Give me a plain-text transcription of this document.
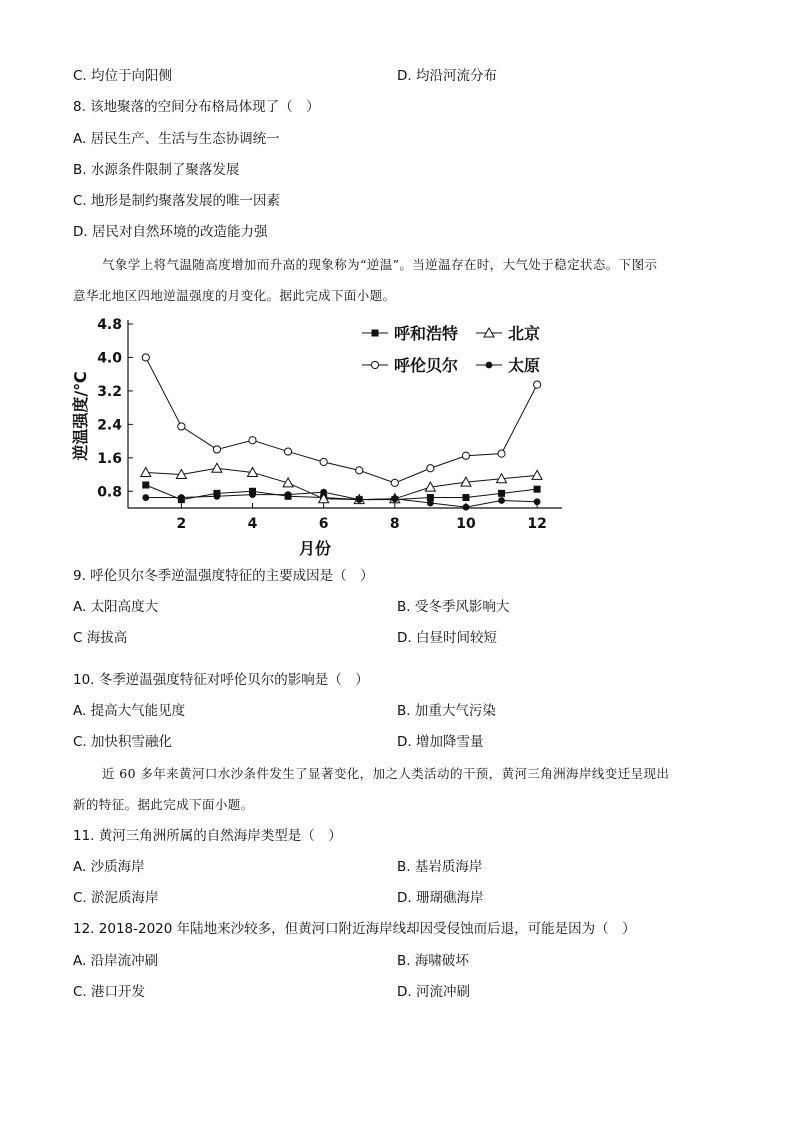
C. 均位于向阳侧	D. 均沿河流分布
8. 该地聚落的空间分布格局体现了（　）
A. 居民生产、生活与生态协调统一
B. 水源条件限制了聚落发展
C. 地形是制约聚落发展的唯一因素
D. 居民对自然环境的改造能力强
气象学上将气温随高度增加而升高的现象称为“逆温”。当逆温存在时，大气处于稳定状态。下图示
意华北地区四地逆温强度的月变化。据此完成下面小题。
4.8
4.0
3.2
2.4
1.6
0.8
2	4	6	8	10	12
月份
逆温强度/℃
呼和浩特	北京
呼伦贝尔	太原
9. 呼伦贝尔冬季逆温强度特征的主要成因是（　）
A. 太阳高度大	B. 受冬季风影响大
C 海拔高	D. 白昼时间较短
10. 冬季逆温强度特征对呼伦贝尔的影响是（　）
A. 提高大气能见度	B. 加重大气污染
C. 加快积雪融化	D. 增加降雪量
近 60 多年来黄河口水沙条件发生了显著变化，加之人类活动的干预，黄河三角洲海岸线变迁呈现出
新的特征。据此完成下面小题。
11. 黄河三角洲所属的自然海岸类型是（　）
A. 沙质海岸	B. 基岩质海岸
C. 淤泥质海岸	D. 珊瑚礁海岸
12. 2018-2020 年陆地来沙较多，但黄河口附近海岸线却因受侵蚀而后退，可能是因为（　）
A. 沿岸流冲刷	B. 海啸破坏
C. 港口开发	D. 河流冲刷
